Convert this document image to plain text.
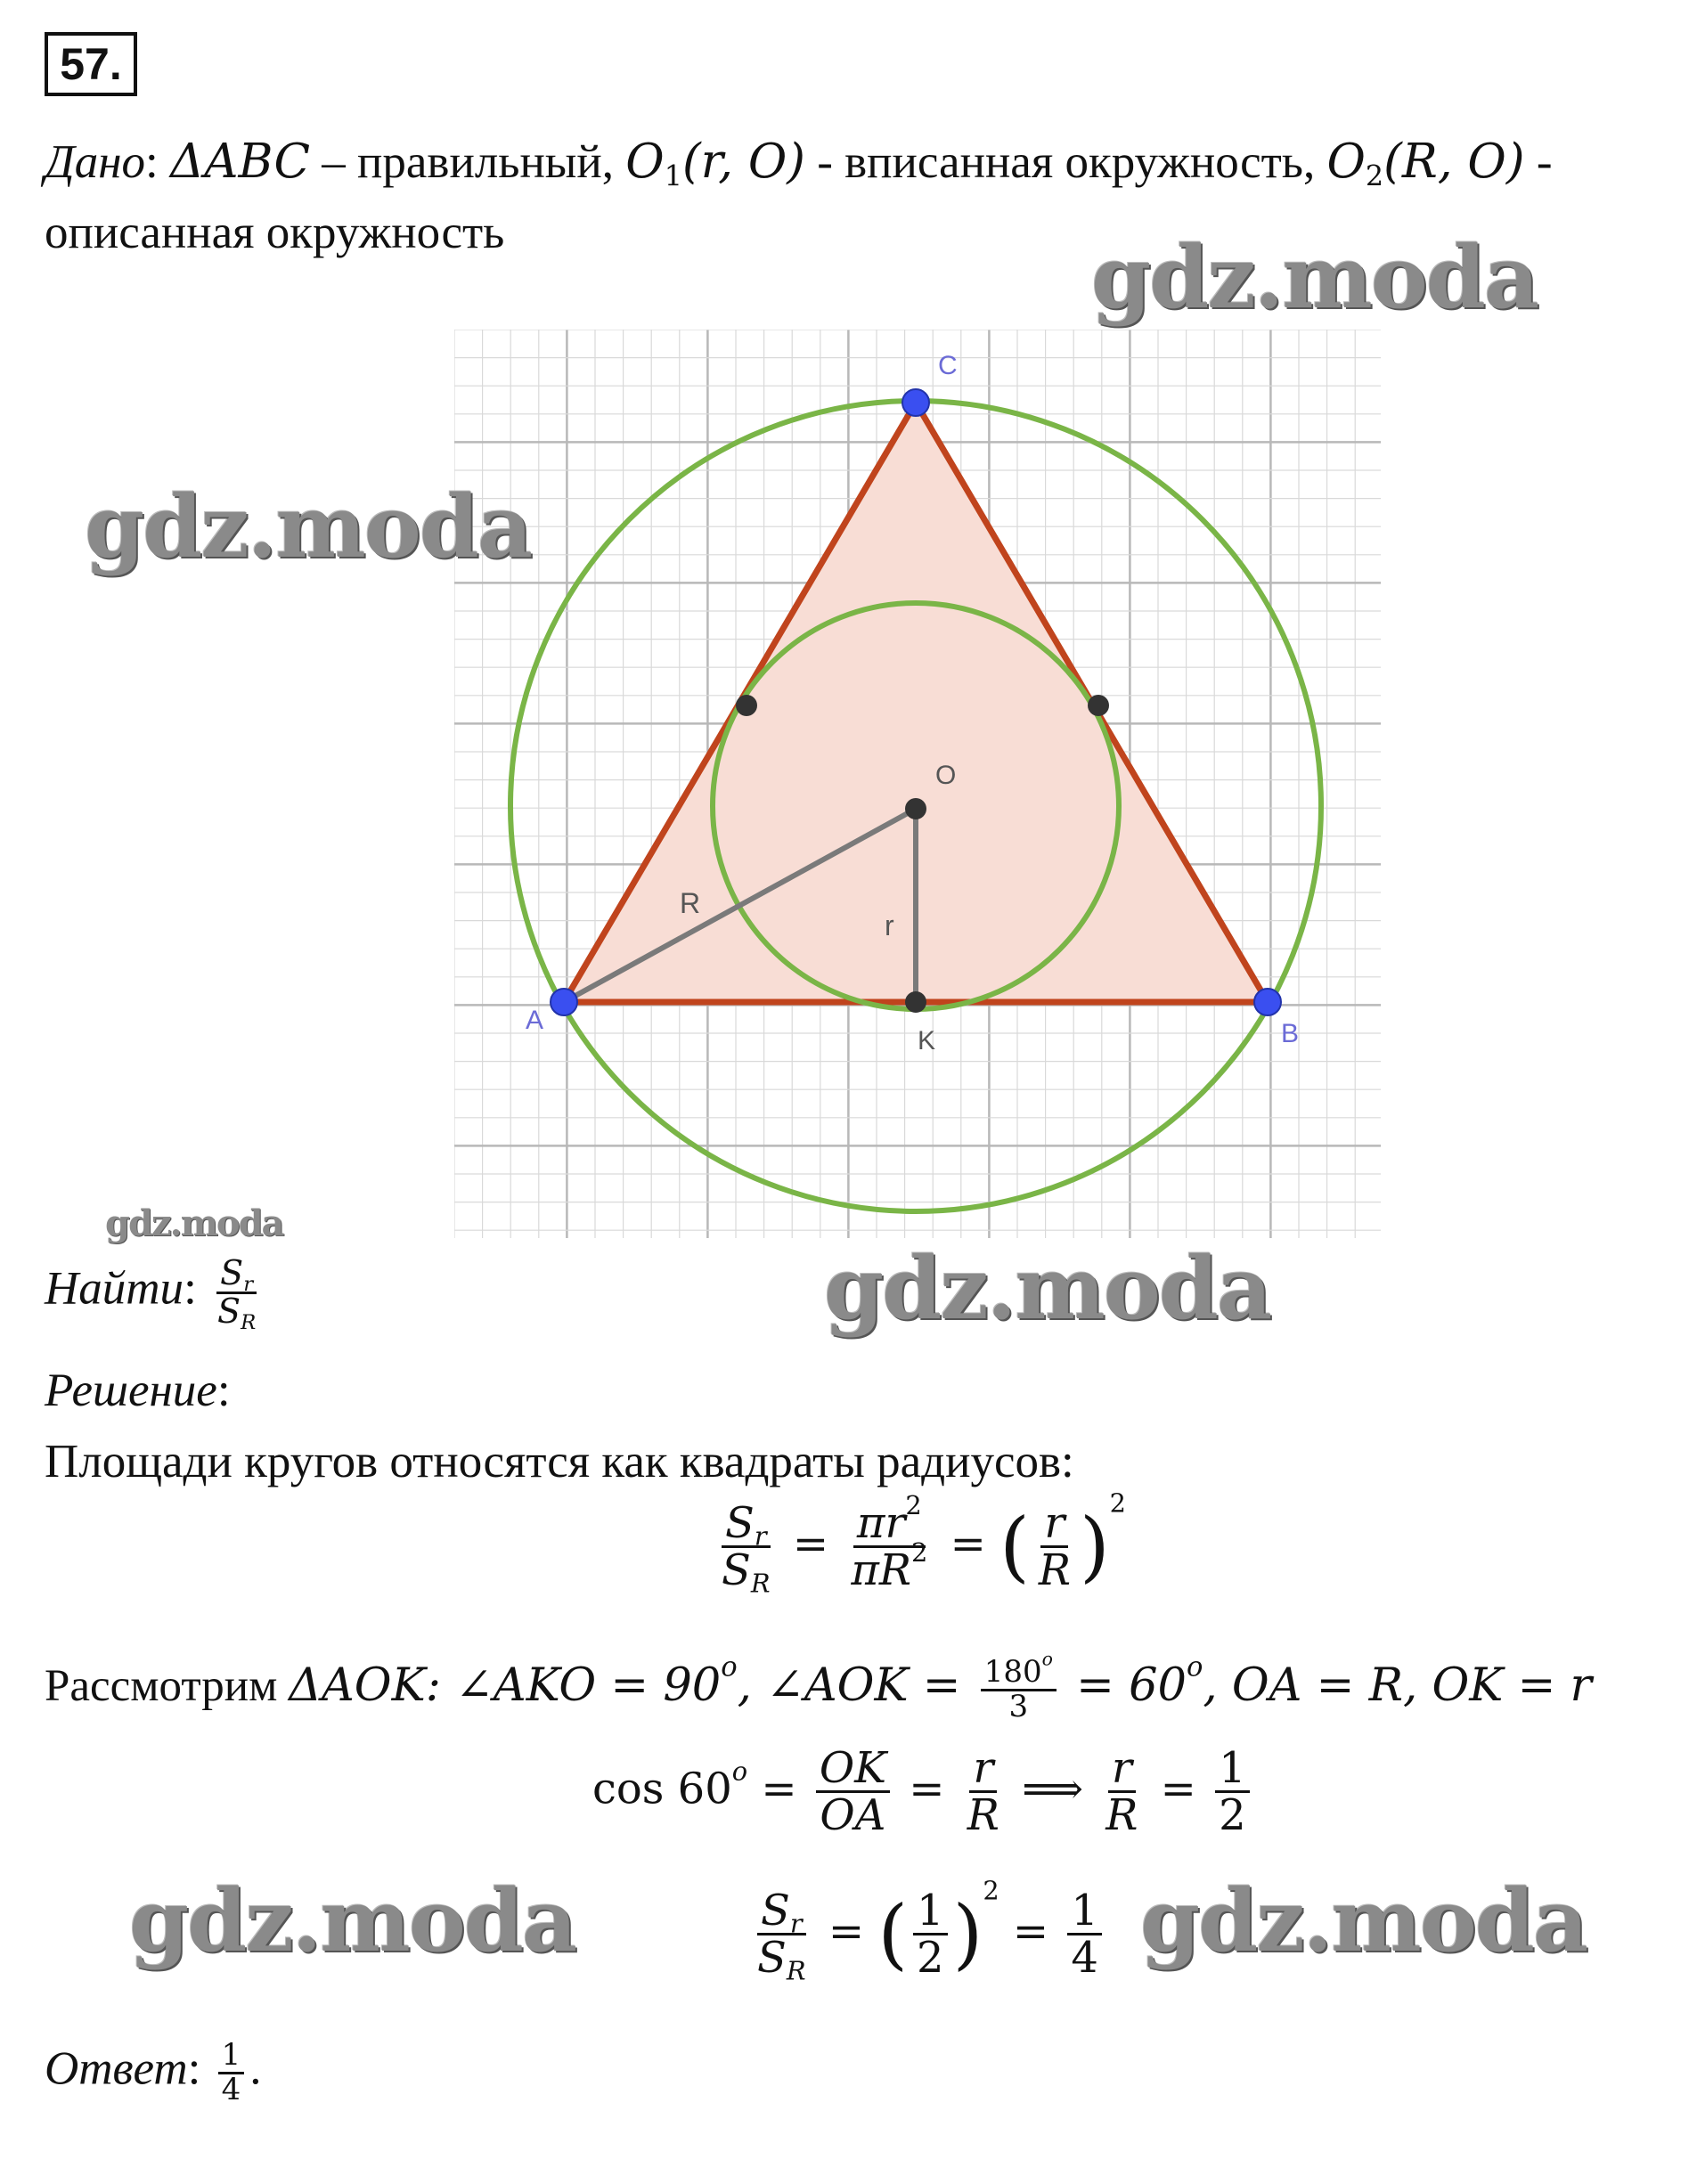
57.
Дано: ΔABC – правильный, $O_1(r$, O) - вписанная окружность, $O_2(R$, O) -
описанная окружность
C
A	B
O
K
R
r
Найти: $\frac{S_r}{S_R}$
Решение:
Площади кругов относятся как квадраты радиусов:
$\frac{S_r}{S_R} = \frac{\pi r^2}{\pi R^2}$ = ( $\frac{r}{R} )^2$
Рассмотрим ΔAOK: ∠AKO = $90^o$, ∠AOK = $\frac{180^o}{3} = 60^o$, OA = R, OK = r
$\cos 60^o = \frac{OK}{OA} = \frac{r}{R}$ ⟹ $\frac{r}{R} = \frac{1}{2}$
$\frac{S_r}{S_R}$ = ( $\frac{1}{2} )^2 = \frac{1}{4}$
Ответ: $\frac{1}{4}$ .
gdz.moda
gdz.moda
gdz.moda
gdz.moda
gdz.moda	gdz.moda
